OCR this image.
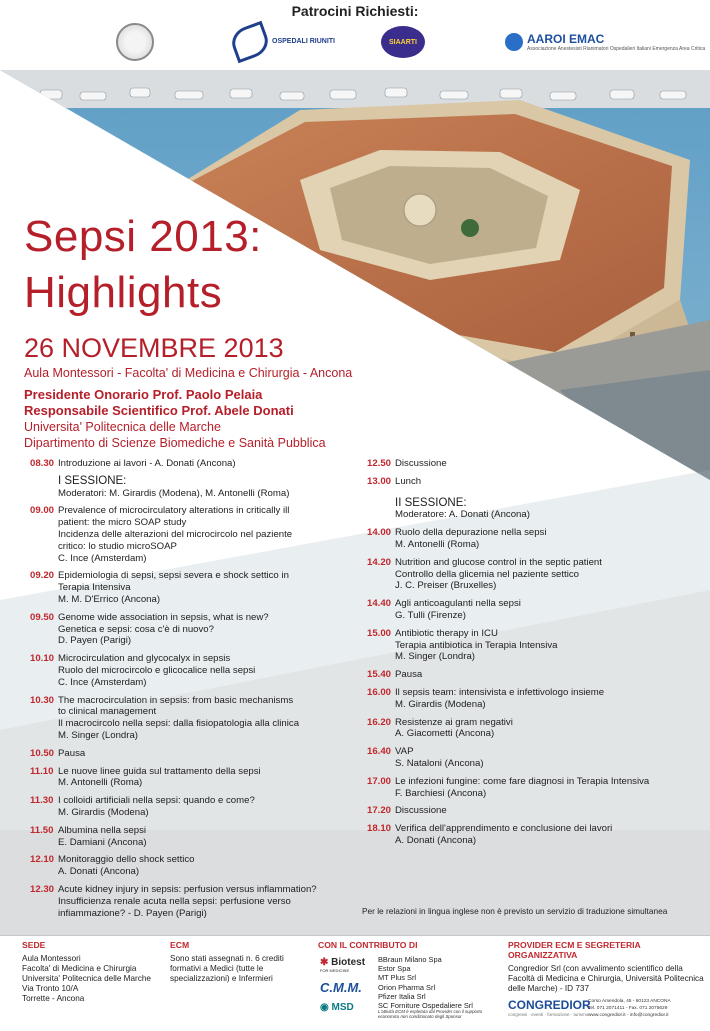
Patrocini Richiesti:
OSPEDALI RIUNITI	SIAARTI	AAROI EMAC
Associazione Anestesisti Rianimatori Ospedalieri Italiani Emergenza Area Critica
Sepsi 2013:
Highlights
26 NOVEMBRE 2013
Aula Montessori - Facolta' di Medicina e Chirurgia - Ancona
Presidente Onorario Prof. Paolo Pelaia
Responsabile Scientifico Prof. Abele Donati
Universita' Politecnica delle Marche
Dipartimento di Scienze Biomediche e Sanità Pubblica
08.30 Introduzione ai lavori - A. Donati (Ancona)
I SESSIONE:
Moderatori: M. Girardis (Modena), M. Antonelli (Roma)
09.00 Prevalence of microcirculatory alterations in critically ill
patient: the micro SOAP study
Incidenza delle alterazioni del microcircolo nel paziente
critico: lo studio microSOAP
C. Ince (Amsterdam)
09.20 Epidemiologia di sepsi, sepsi severa e shock settico in
Terapia Intensiva
M. M. D'Errico (Ancona)
09.50 Genome wide association in sepsis, what is new?
Genetica e sepsi: cosa c'è di nuovo?
D. Payen (Parigi)
10.10 Microcirculation and glycocalyx in sepsis
Ruolo del microcircolo e glicocalice nella sepsi
C. Ince (Amsterdam)
10.30 The macrocirculation in sepsis: from basic mechanisms
to clinical management
Il macrocircolo nella sepsi: dalla fisiopatologia alla clinica
M. Singer (Londra)
10.50 Pausa
11.10 Le nuove linee guida sul trattamento della sepsi
M. Antonelli (Roma)
11.30 I colloidi artificiali nella sepsi: quando e come?
M. Girardis (Modena)
11.50 Albumina nella sepsi
E. Damiani (Ancona)
12.10 Monitoraggio dello shock settico
A. Donati (Ancona)
12.30 Acute kidney injury in sepsis: perfusion versus inflammation?
Insufficienza renale acuta nella sepsi: perfusione verso
infiammazione? - D. Payen (Parigi)
12.50 Discussione
13.00 Lunch
II SESSIONE:
Moderatore: A. Donati (Ancona)
14.00 Ruolo della depurazione nella sepsi
M. Antonelli (Roma)
14.20 Nutrition and glucose control in the septic patient
Controllo della glicemia nel paziente settico
J. C. Preiser (Bruxelles)
14.40 Agli anticoagulanti nella sepsi
G. Tulli (Firenze)
15.00 Antibiotic therapy in ICU
Terapia antibiotica in Terapia Intensiva
M. Singer (Londra)
15.40 Pausa
16.00 Il sepsis team: intensivista e infettivologo insieme
M. Girardis (Modena)
16.20 Resistenze ai gram negativi
A. Giacometti (Ancona)
16.40 VAP
S. Nataloni (Ancona)
17.00 Le infezioni fungine: come fare diagnosi in Terapia Intensiva
F. Barchiesi (Ancona)
17.20 Discussione
18.10 Verifica dell'apprendimento e conclusione dei lavori
A. Donati (Ancona)
Per le relazioni in lingua inglese non è previsto un servizio di traduzione simultanea
SEDE
Aula Montessori
Facolta' di Medicina e Chirurgia
Universita' Politecnica delle Marche
Via Tronto 10/A
Torrette - Ancona
ECM
Sono stati assegnati n. 6 crediti
formativi a Medici (tutte le
specializzazioni) e Infermieri
CON IL CONTRIBUTO DI
✱ Biotest
FOR MEDICINE
C.M.M.
◉ MSD
BBraun Milano Spa
Estor Spa
MT Plus Srl
Orion Pharma Srl
Pfizer Italia Srl
SC Forniture Ospedaliere Srl
L'attività ECM è espletata dal Provider con il supporto economico non condizionato degli Sponsor
PROVIDER ECM E SEGRETERIA ORGANIZZATIVA
Congredior Srl (con avvalimento scientifico della
Facoltà di Medicina e Chirurgia, Università Politecnica
delle Marche) - ID 737
CONGREDIOR
congressi · eventi · formazione · turismo
Corso Amendola, 45 - 60123 ANCONA
Tel. 071 2071411 - Fax. 071 2075629
www.congredior.it - info@congredior.it
